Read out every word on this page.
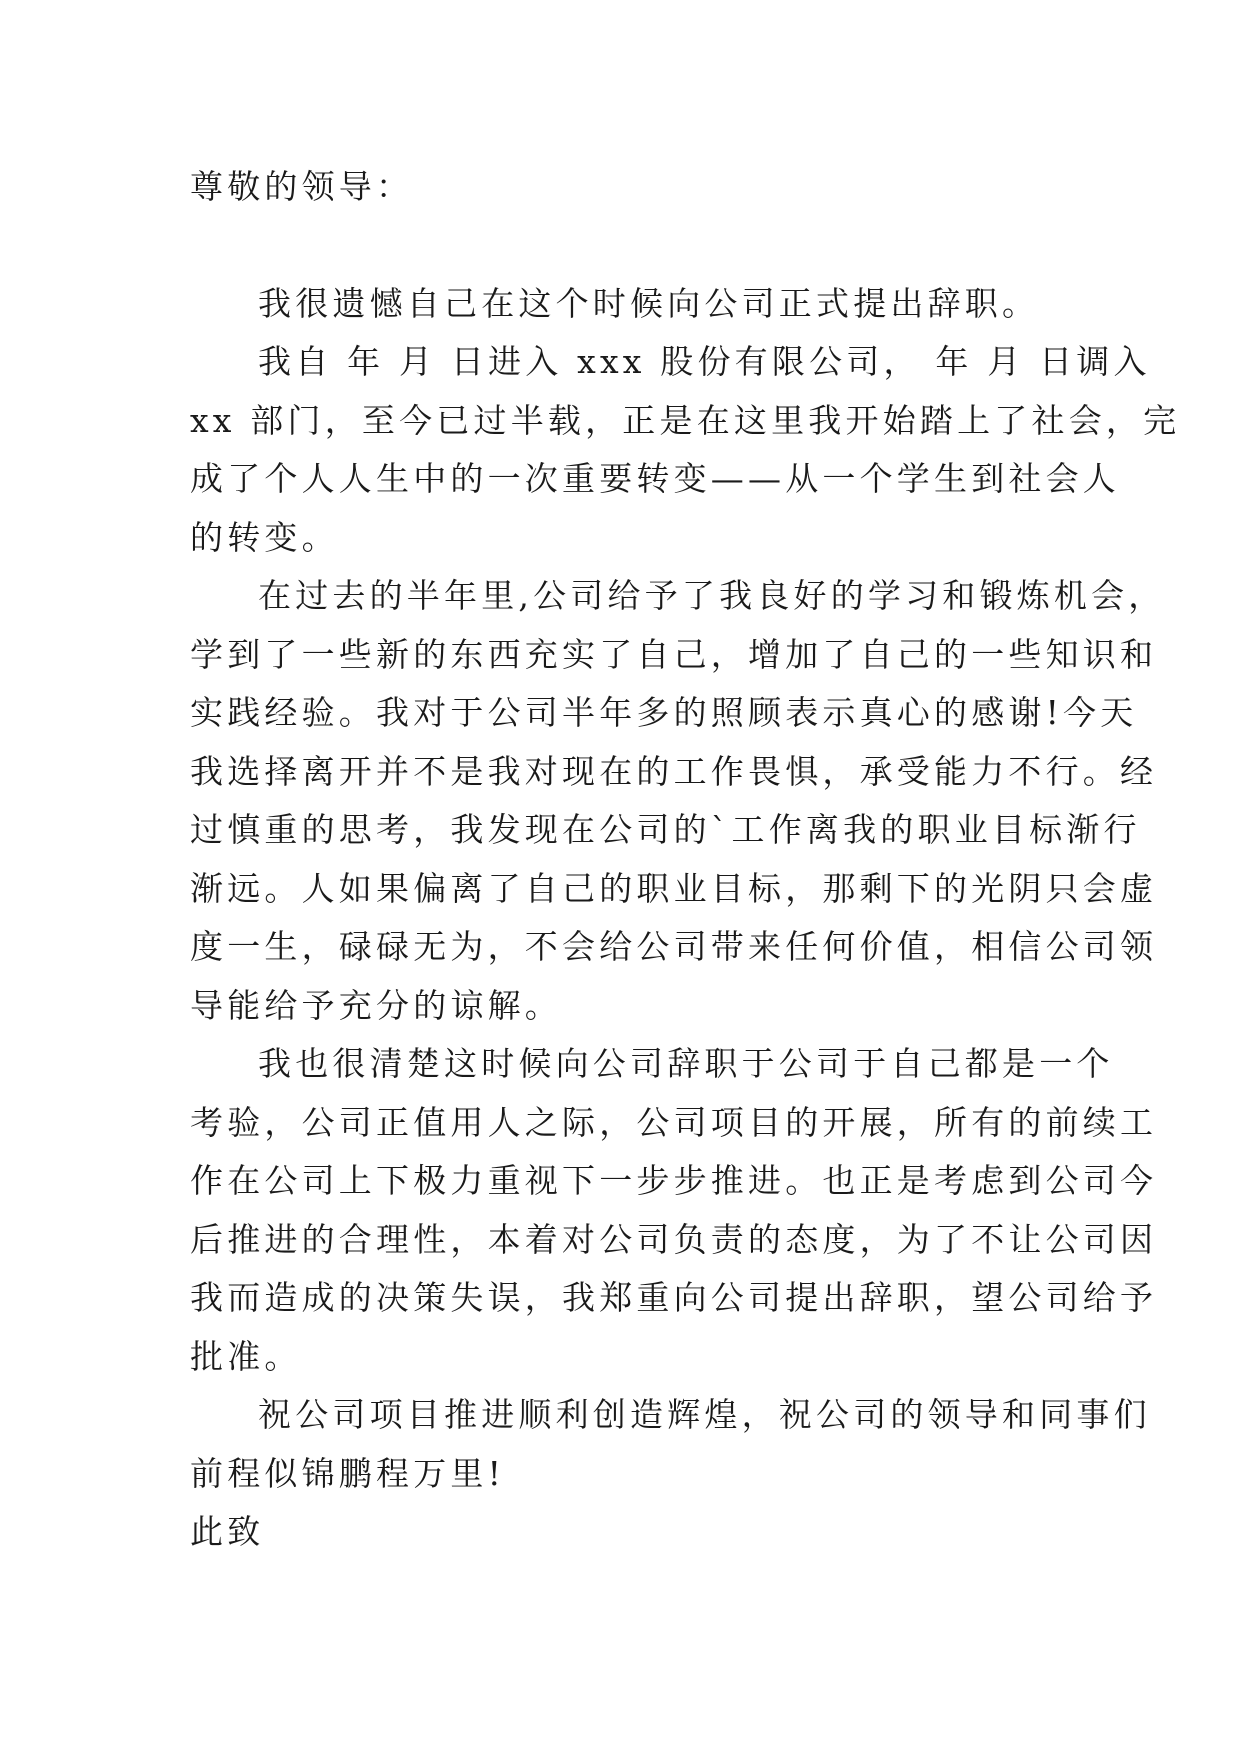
尊敬的领导：
我很遗憾自己在这个时候向公司正式提出辞职。
我自 年 月 日进入 xxx 股份有限公司， 年 月 日调入
xx 部门，至今已过半载，正是在这里我开始踏上了社会，完
成了个人人生中的一次重要转变——从一个学生到社会人
的转变。
在过去的半年里,公司给予了我良好的学习和锻炼机会，
学到了一些新的东西充实了自己，增加了自己的一些知识和
实践经验。我对于公司半年多的照顾表示真心的感谢!今天
我选择离开并不是我对现在的工作畏惧，承受能力不行。经
过慎重的思考，我发现在公司的`工作离我的职业目标渐行
渐远。人如果偏离了自己的职业目标，那剩下的光阴只会虚
度一生，碌碌无为，不会给公司带来任何价值，相信公司领
导能给予充分的谅解。
我也很清楚这时候向公司辞职于公司于自己都是一个
考验，公司正值用人之际，公司项目的开展，所有的前续工
作在公司上下极力重视下一步步推进。也正是考虑到公司今
后推进的合理性，本着对公司负责的态度，为了不让公司因
我而造成的决策失误，我郑重向公司提出辞职，望公司给予
批准。
祝公司项目推进顺利创造辉煌，祝公司的领导和同事们
前程似锦鹏程万里!
此致
